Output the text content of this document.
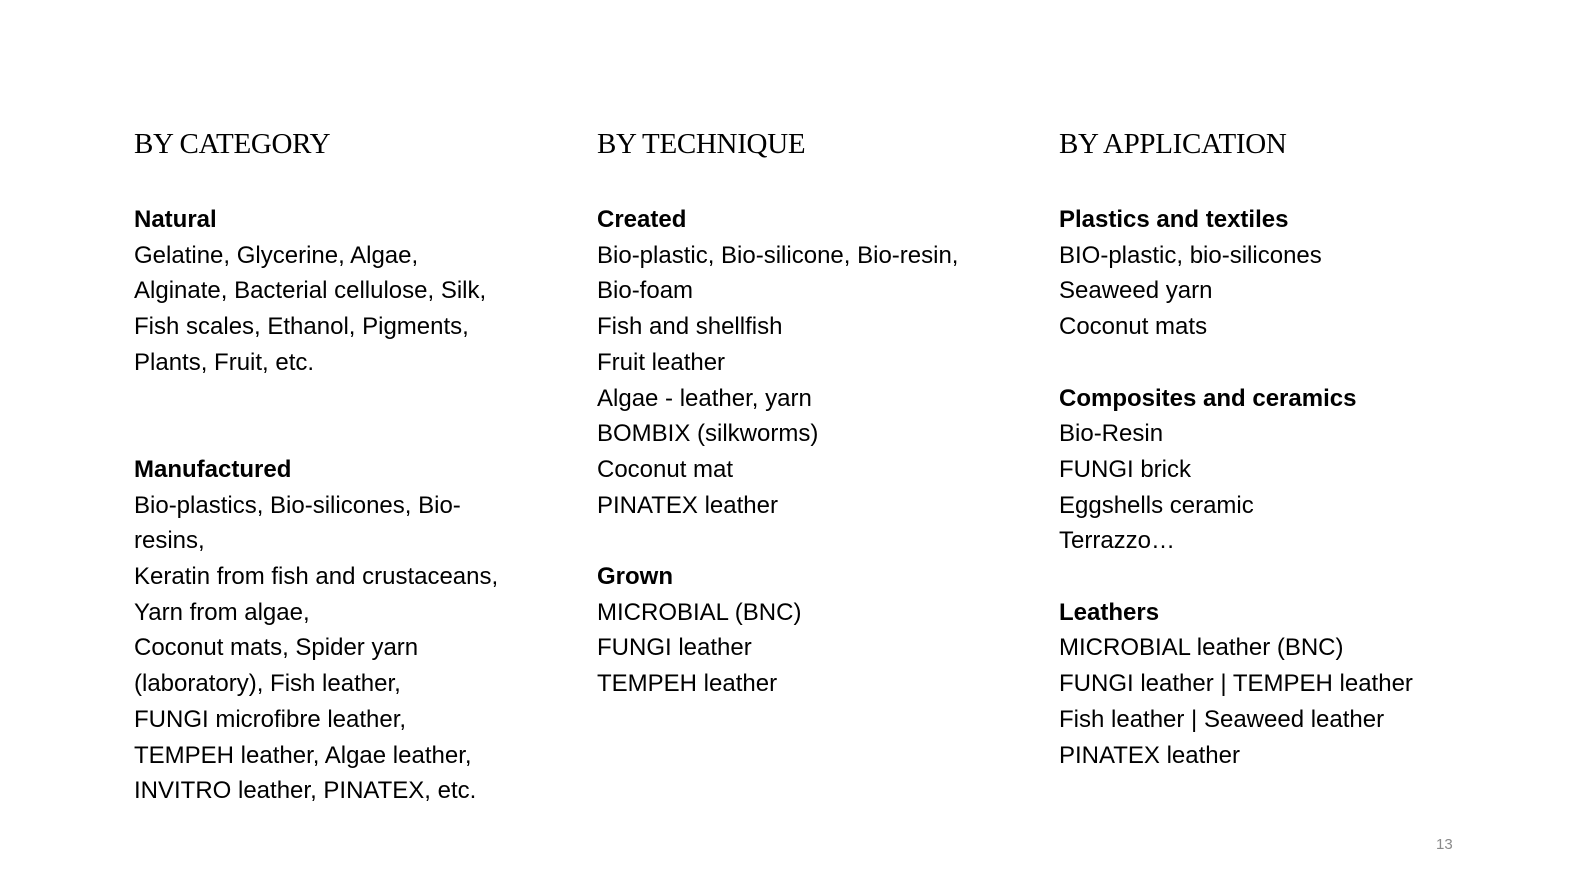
BY CATEGORY
Natural
Gelatine, Glycerine, Algae,
Alginate, Bacterial cellulose, Silk,
Fish scales, Ethanol, Pigments,
Plants, Fruit, etc.
Manufactured
Bio-plastics, Bio-silicones, Bio-
resins,
Keratin from fish and crustaceans,
Yarn from algae,
Coconut mats, Spider yarn
(laboratory), Fish leather,
FUNGI microfibre leather,
TEMPEH leather, Algae leather,
INVITRO leather, PINATEX, etc.
BY TECHNIQUE
Created
Bio-plastic, Bio-silicone, Bio-resin,
Bio-foam
Fish and shellfish
Fruit leather
Algae - leather, yarn
BOMBIX (silkworms)
Coconut mat
PINATEX leather
Grown
MICROBIAL (BNC)
FUNGI leather
TEMPEH leather
BY APPLICATION
Plastics and textiles
BIO-plastic, bio-silicones
Seaweed yarn
Coconut mats
Composites and ceramics
Bio-Resin
FUNGI brick
Eggshells ceramic
Terrazzo…
Leathers
MICROBIAL leather (BNC)
FUNGI leather | TEMPEH leather
Fish leather | Seaweed leather
PINATEX leather
13
